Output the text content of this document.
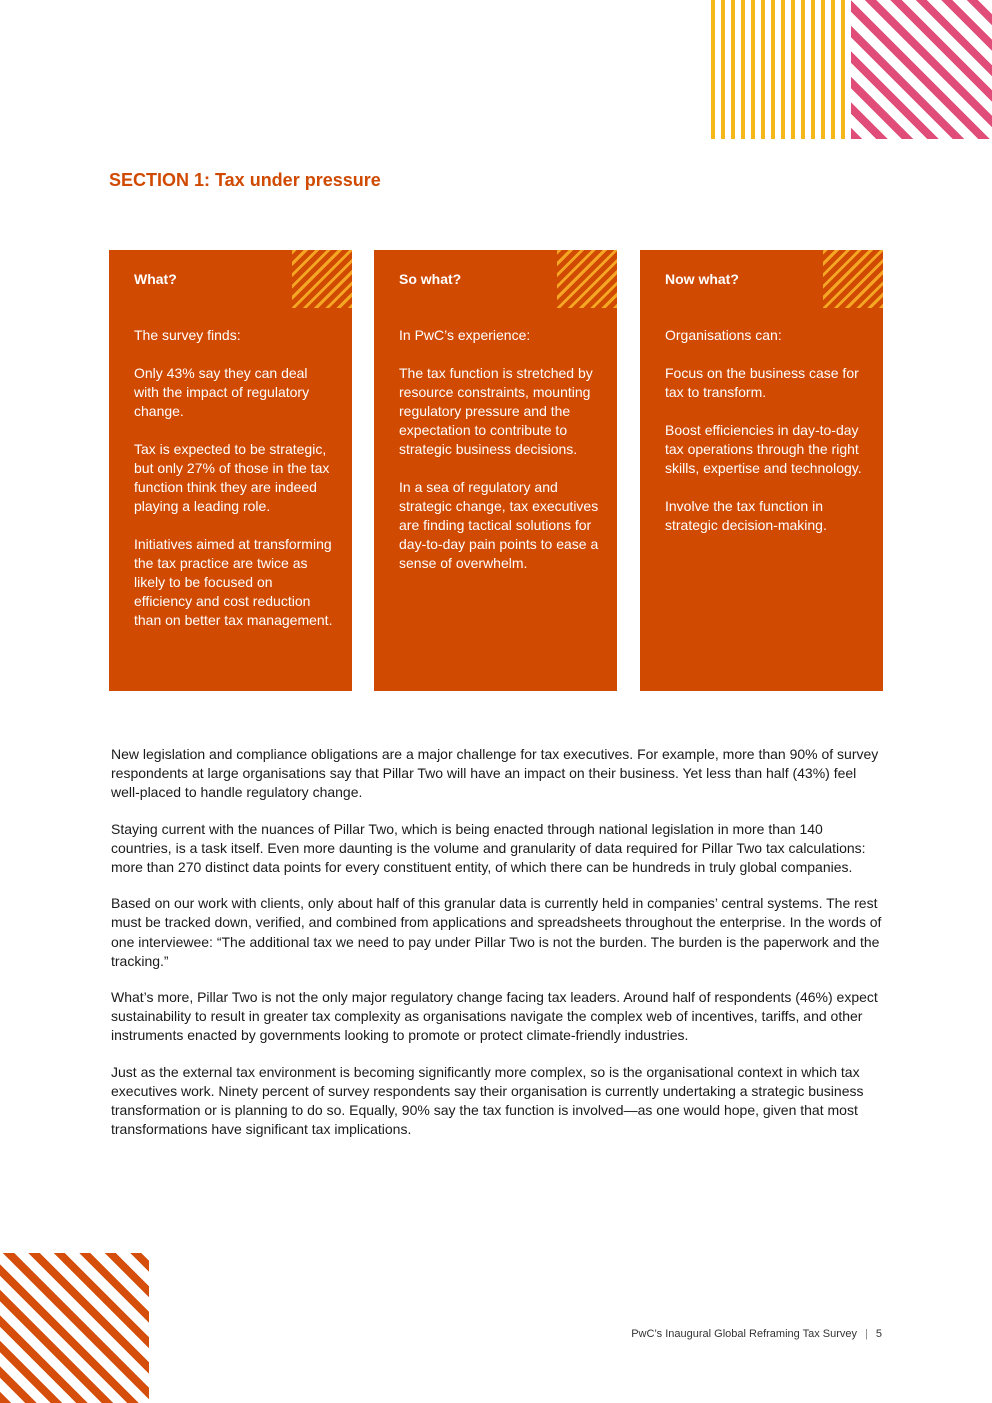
SECTION 1: Tax under pressure
What?

The survey finds:

Only 43% say they can deal with the impact of regulatory change.

Tax is expected to be strategic, but only 27% of those in the tax function think they are indeed playing a leading role.

Initiatives aimed at transforming the tax practice are twice as likely to be focused on efficiency and cost reduction than on better tax management.

So what?

In PwC’s experience:

The tax function is stretched by resource constraints, mounting regulatory pressure and the expectation to contribute to strategic business decisions.

In a sea of regulatory and strategic change, tax executives are finding tactical solutions for day-to-day pain points to ease a sense of overwhelm.

Now what?

Organisations can:

Focus on the business case for tax to transform.

Boost efficiencies in day-to-day tax operations through the right skills, expertise and technology.

Involve the tax function in strategic decision-making.

New legislation and compliance obligations are a major challenge for tax executives. For example, more than 90% of survey respondents at large organisations say that Pillar Two will have an impact on their business. Yet less than half (43%) feel well-placed to handle regulatory change.

Staying current with the nuances of Pillar Two, which is being enacted through national legislation in more than 140 countries, is a task itself. Even more daunting is the volume and granularity of data required for Pillar Two tax calculations: more than 270 distinct data points for every constituent entity, of which there can be hundreds in truly global companies.

Based on our work with clients, only about half of this granular data is currently held in companies’ central systems. The rest must be tracked down, verified, and combined from applications and spreadsheets throughout the enterprise. In the words of one interviewee: “The additional tax we need to pay under Pillar Two is not the burden. The burden is the paperwork and the tracking.”

What’s more, Pillar Two is not the only major regulatory change facing tax leaders. Around half of respondents (46%) expect sustainability to result in greater tax complexity as organisations navigate the complex web of incentives, tariffs, and other instruments enacted by governments looking to promote or protect climate-friendly industries.

Just as the external tax environment is becoming significantly more complex, so is the organisational context in which tax executives work. Ninety percent of survey respondents say their organisation is currently undertaking a strategic business transformation or is planning to do so. Equally, 90% say the tax function is involved—as one would hope, given that most transformations have significant tax implications.

PwC’s Inaugural Global Reframing Tax Survey | 5
